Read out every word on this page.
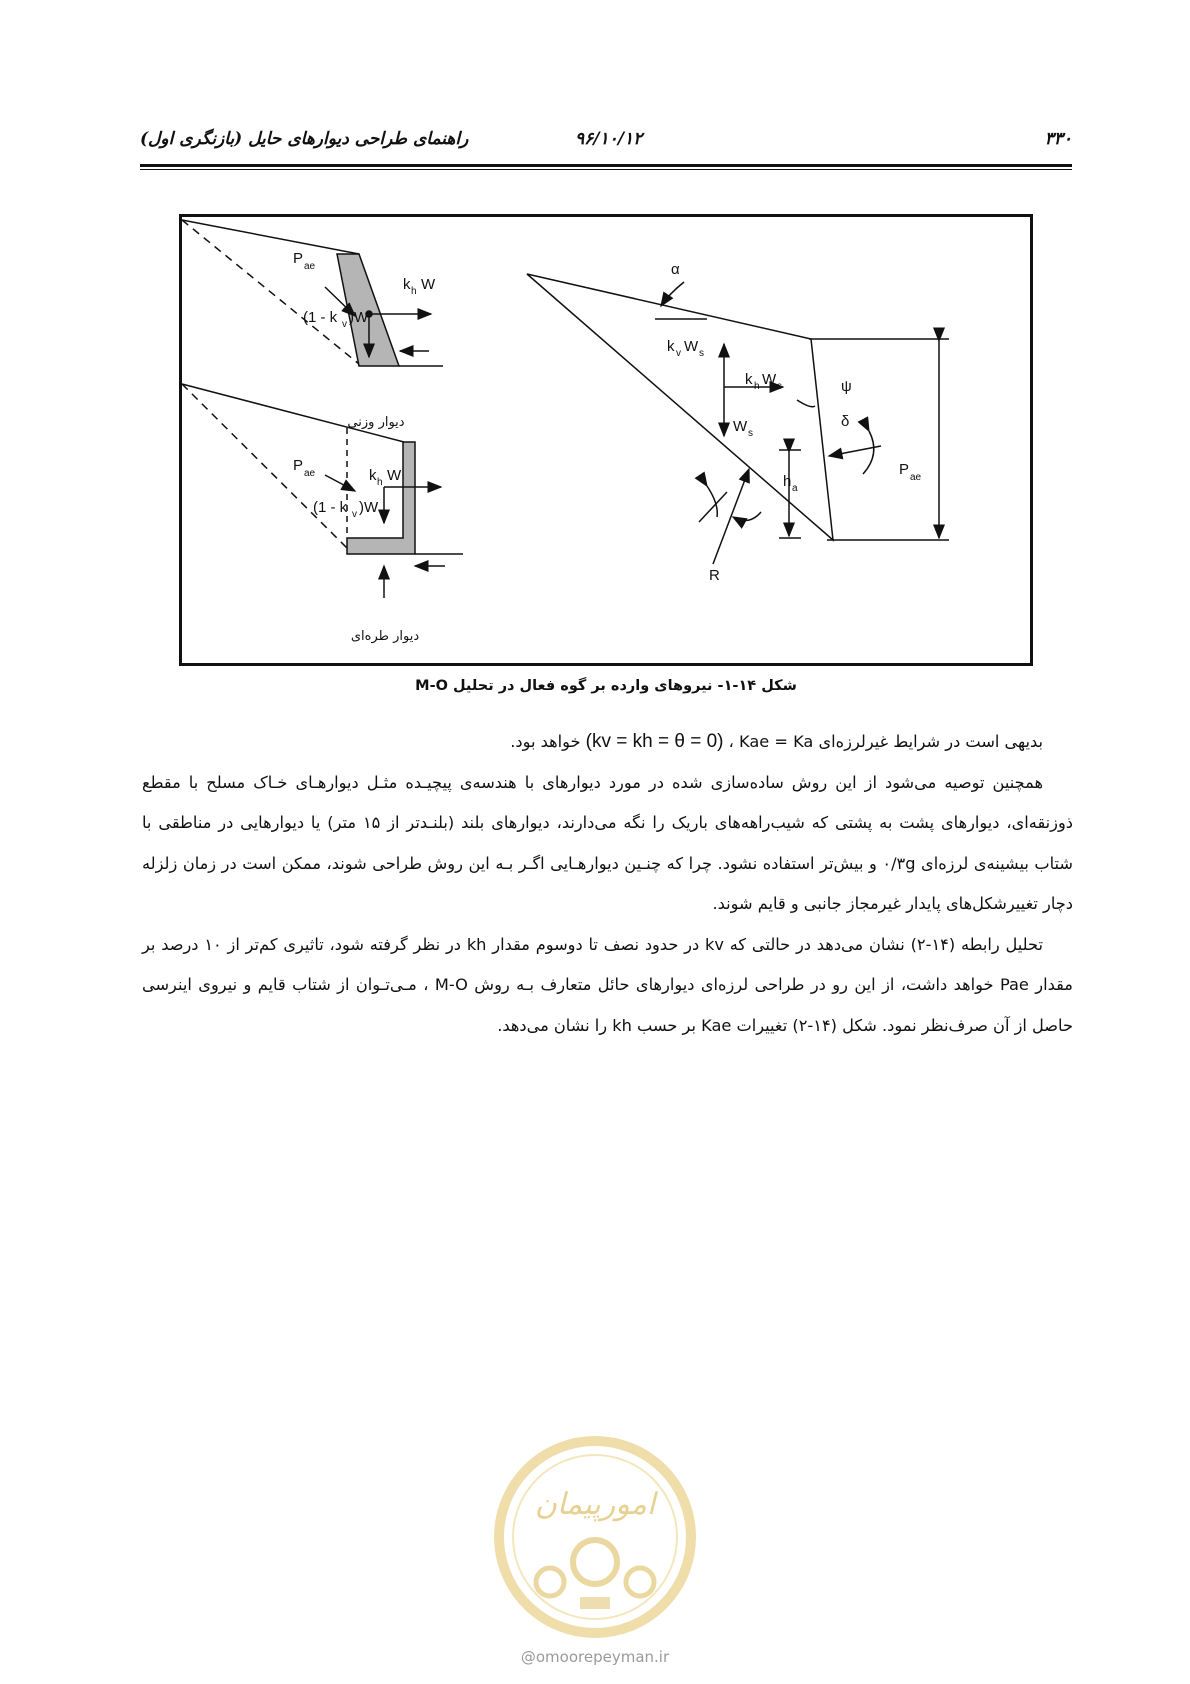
۳۳۰
۹۶/۱۰/۱۲
راهنمای طراحی دیوارهای حایل (بازنگری اول)
P ae
k h W
(1 - k v )W
P ae	k h W
(1 - k v )W
α
k v W s
k h W s
W s
ψ
δ
P ae
h a
R
دیوار وزنی
دیوار طره‌ای
شکل ۱۴-۱- نیروهای وارده بر گوه فعال در تحلیل M-O

بدیهی است در شرایط غیرلرزه‌ای (kv = kh = θ = 0) ، Kae = Ka خواهد بود.

همچنین توصیه می‌شود از این روش ساده‌سازی شده در مورد دیوارهای با هندسه‌ی پیچیـده مثـل دیوارهـای خـاک مسلح با مقطع ذوزنقه‌ای، دیوارهای پشت به پشتی که شیب‌راهه‌های باریک را نگه می‌دارند، دیوارهای بلند (بلنـدتر از ۱۵ متر) یا دیوارهایی در مناطقی با شتاب بیشینه‌ی لرزه‌ای ۰/۳g و بیش‌تر استفاده نشود. چرا که چنـین دیوارهـایی اگـر بـه این روش طراحی شوند، ممکن است در زمان زلزله دچار تغییرشکل‌های پایدار غیرمجاز جانبی و قایم شوند.

تحلیل رابطه (۱۴-۲) نشان می‌دهد در حالتی که kv در حدود نصف تا دوسوم مقدار kh در نظر گرفته شود، تاثیری کم‌تر از ۱۰ درصد بر مقدار Pae خواهد داشت، از این رو در طراحی لرزه‌ای دیوارهای حائل متعارف بـه روش M-O ، مـی‌تـوان از شتاب قایم و نیروی اینرسی حاصل از آن صرف‌نظر نمود. شکل (۱۴-۲) تغییرات Kae بر حسب kh را نشان می‌دهد.

امورپیمان
@omoorepeyman.ir
